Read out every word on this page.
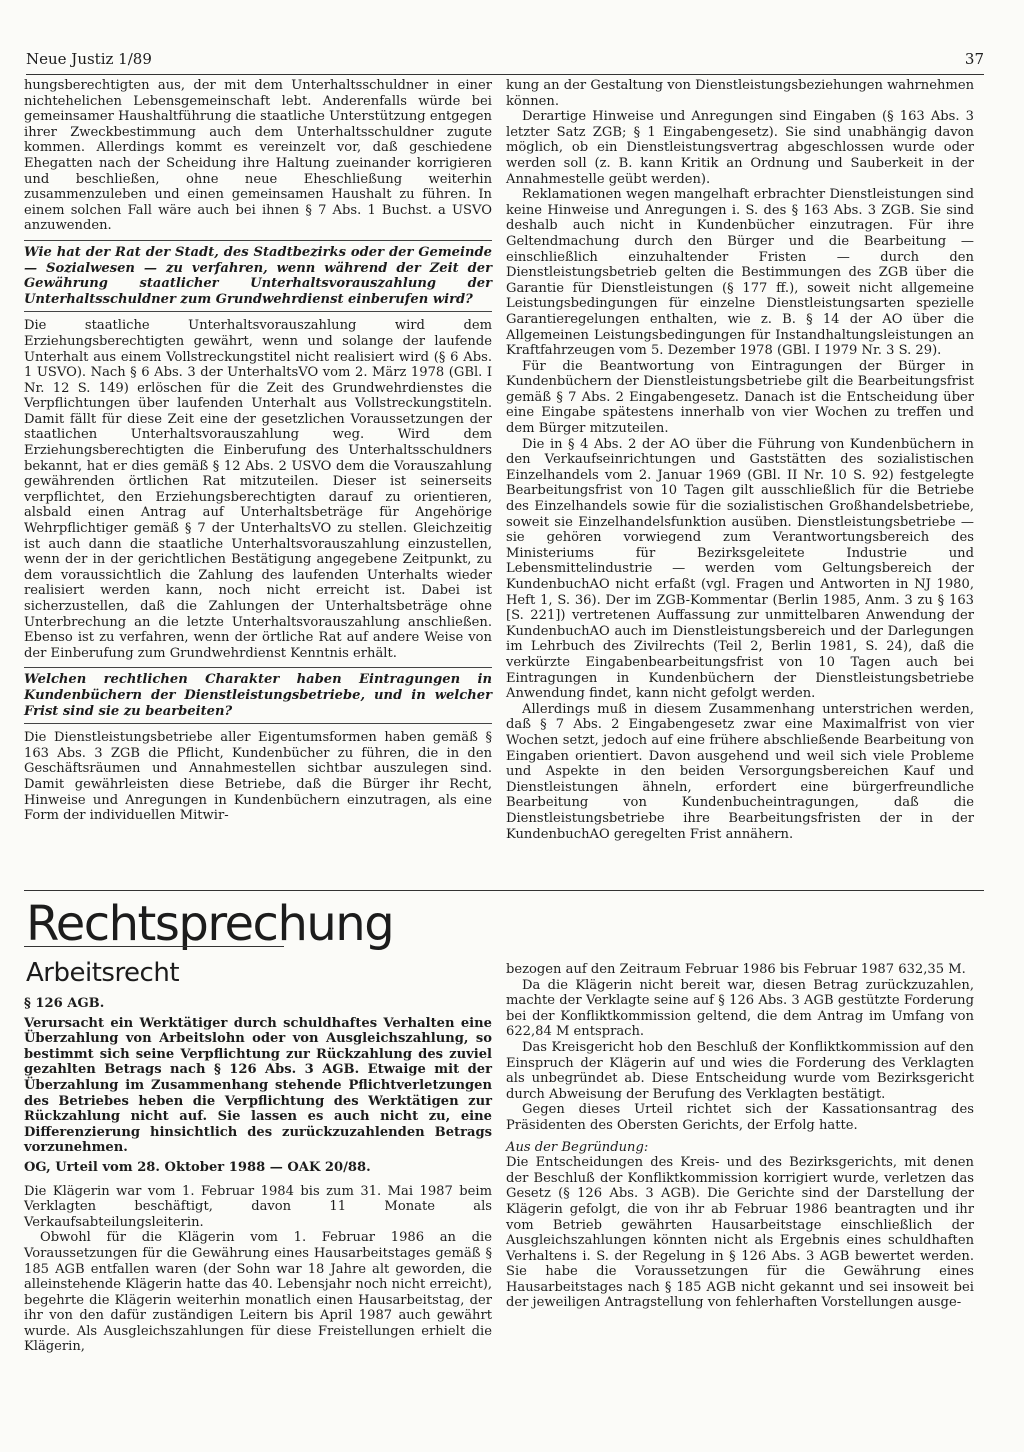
Neue Justiz 1/89	37

hungsberechtigten aus, der mit dem Unterhaltsschuldner in einer nichtehelichen Lebensgemeinschaft lebt. Anderenfalls würde bei gemeinsamer Haushaltführung die staatliche Unterstützung entgegen ihrer Zweckbestimmung auch dem Unterhaltsschuldner zugute kommen. Allerdings kommt es vereinzelt vor, daß geschiedene Ehegatten nach der Scheidung ihre Haltung zueinander korrigieren und beschließen, ohne neue Eheschließung weiterhin zusammenzuleben und einen gemeinsamen Haushalt zu führen. In einem solchen Fall wäre auch bei ihnen § 7 Abs. 1 Buchst. a USVO anzuwenden.

Wie hat der Rat der Stadt, des Stadtbezirks oder der Gemeinde — Sozialwesen — zu verfahren, wenn während der Zeit der Gewährung staatlicher Unterhaltsvorauszahlung der Unterhaltsschuldner zum Grundwehrdienst einberufen wird?

Die staatliche Unterhaltsvorauszahlung wird dem Erziehungsberechtigten gewährt, wenn und solange der laufende Unterhalt aus einem Vollstreckungstitel nicht realisiert wird (§ 6 Abs. 1 USVO). Nach § 6 Abs. 3 der UnterhaltsVO vom 2. März 1978 (GBl. I Nr. 12 S. 149) erlöschen für die Zeit des Grundwehrdienstes die Verpflichtungen über laufenden Unterhalt aus Vollstreckungstiteln. Damit fällt für diese Zeit eine der gesetzlichen Voraussetzungen der staatlichen Unterhaltsvorauszahlung weg. Wird dem Erziehungsberechtigten die Einberufung des Unterhaltsschuldners bekannt, hat er dies gemäß § 12 Abs. 2 USVO dem die Vorauszahlung gewährenden örtlichen Rat mitzuteilen. Dieser ist seinerseits verpflichtet, den Erziehungsberechtigten darauf zu orientieren, alsbald einen Antrag auf Unterhaltsbeträge für Angehörige Wehrpflichtiger gemäß § 7 der UnterhaltsVO zu stellen. Gleichzeitig ist auch dann die staatliche Unterhaltsvorauszahlung einzustellen, wenn der in der gerichtlichen Bestätigung angegebene Zeitpunkt, zu dem voraussichtlich die Zahlung des laufenden Unterhalts wieder realisiert werden kann, noch nicht erreicht ist. Dabei ist sicherzustellen, daß die Zahlungen der Unterhaltsbeträge ohne Unterbrechung an die letzte Unterhaltsvorauszahlung anschließen. Ebenso ist zu verfahren, wenn der örtliche Rat auf andere Weise von der Einberufung zum Grundwehrdienst Kenntnis erhält.

Welchen rechtlichen Charakter haben Eintragungen in Kundenbüchern der Dienstleistungsbetriebe, und in welcher Frist sind sie zu bearbeiten?

Die Dienstleistungsbetriebe aller Eigentumsformen haben gemäß § 163 Abs. 3 ZGB die Pflicht, Kundenbücher zu führen, die in den Geschäftsräumen und Annahmestellen sichtbar auszulegen sind. Damit gewährleisten diese Betriebe, daß die Bürger ihr Recht, Hinweise und Anregungen in Kundenbüchern einzutragen, als eine Form der individuellen Mitwir-

kung an der Gestaltung von Dienstleistungsbeziehungen wahrnehmen können.

Derartige Hinweise und Anregungen sind Eingaben (§ 163 Abs. 3 letzter Satz ZGB; § 1 Eingabengesetz). Sie sind unabhängig davon möglich, ob ein Dienstleistungsvertrag abgeschlossen wurde oder werden soll (z. B. kann Kritik an Ordnung und Sauberkeit in der Annahmestelle geübt werden).

Reklamationen wegen mangelhaft erbrachter Dienstleistungen sind keine Hinweise und Anregungen i. S. des § 163 Abs. 3 ZGB. Sie sind deshalb auch nicht in Kundenbücher einzutragen. Für ihre Geltendmachung durch den Bürger und die Bearbeitung — einschließlich einzuhaltender Fristen — durch den Dienstleistungsbetrieb gelten die Bestimmungen des ZGB über die Garantie für Dienstleistungen (§ 177 ff.), soweit nicht allgemeine Leistungsbedingungen für einzelne Dienstleistungsarten spezielle Garantieregelungen enthalten, wie z. B. § 14 der AO über die Allgemeinen Leistungsbedingungen für Instandhaltungsleistungen an Kraftfahrzeugen vom 5. Dezember 1978 (GBl. I 1979 Nr. 3 S. 29).

Für die Beantwortung von Eintragungen der Bürger in Kundenbüchern der Dienstleistungsbetriebe gilt die Bearbeitungsfrist gemäß § 7 Abs. 2 Eingabengesetz. Danach ist die Entscheidung über eine Eingabe spätestens innerhalb von vier Wochen zu treffen und dem Bürger mitzuteilen.

Die in § 4 Abs. 2 der AO über die Führung von Kundenbüchern in den Verkaufseinrichtungen und Gaststätten des sozialistischen Einzelhandels vom 2. Januar 1969 (GBl. II Nr. 10 S. 92) festgelegte Bearbeitungsfrist von 10 Tagen gilt ausschließlich für die Betriebe des Einzelhandels sowie für die sozialistischen Großhandelsbetriebe, soweit sie Einzelhandelsfunktion ausüben. Dienstleistungsbetriebe — sie gehören vorwiegend zum Verantwortungsbereich des Ministeriums für Bezirksgeleitete Industrie und Lebensmittelindustrie — werden vom Geltungsbereich der KundenbuchAO nicht erfaßt (vgl. Fragen und Antworten in NJ 1980, Heft 1, S. 36). Der im ZGB-Kommentar (Berlin 1985, Anm. 3 zu § 163 [S. 221]) vertretenen Auffassung zur unmittelbaren Anwendung der KundenbuchAO auch im Dienstleistungsbereich und der Darlegungen im Lehrbuch des Zivilrechts (Teil 2, Berlin 1981, S. 24), daß die verkürzte Eingabenbearbeitungsfrist von 10 Tagen auch bei Eintragungen in Kundenbüchern der Dienstleistungsbetriebe Anwendung findet, kann nicht gefolgt werden.

Allerdings muß in diesem Zusammenhang unterstrichen werden, daß § 7 Abs. 2 Eingabengesetz zwar eine Maximalfrist von vier Wochen setzt, jedoch auf eine frühere abschließende Bearbeitung von Eingaben orientiert. Davon ausgehend und weil sich viele Probleme und Aspekte in den beiden Versorgungsbereichen Kauf und Dienstleistungen ähneln, erfordert eine bürgerfreundliche Bearbeitung von Kundenbucheintragungen, daß die Dienstleistungsbetriebe ihre Bearbeitungsfristen der in der KundenbuchAO geregelten Frist annähern.

Rechtsprechung
Arbeitsrecht
§ 126 AGB.
Verursacht ein Werktätiger durch schuldhaftes Verhalten eine Überzahlung von Arbeitslohn oder von Ausgleichszahlung, so bestimmt sich seine Verpflichtung zur Rückzahlung des zuviel gezahlten Betrags nach § 126 Abs. 3 AGB. Etwaige mit der Überzahlung im Zusammenhang stehende Pflichtverletzungen des Betriebes heben die Verpflichtung des Werktätigen zur Rückzahlung nicht auf. Sie lassen es auch nicht zu, eine Differenzierung hinsichtlich des zurückzuzahlenden Betrags vorzunehmen.
OG, Urteil vom 28. Oktober 1988 — OAK 20/88.

Die Klägerin war vom 1. Februar 1984 bis zum 31. Mai 1987 beim Verklagten beschäftigt, davon 11 Monate als Verkaufsabteilungsleiterin.

Obwohl für die Klägerin vom 1. Februar 1986 an die Voraussetzungen für die Gewährung eines Hausarbeitstages gemäß § 185 AGB entfallen waren (der Sohn war 18 Jahre alt geworden, die alleinstehende Klägerin hatte das 40. Lebensjahr noch nicht erreicht), begehrte die Klägerin weiterhin monatlich einen Hausarbeitstag, der ihr von den dafür zuständigen Leitern bis April 1987 auch gewährt wurde. Als Ausgleichszahlungen für diese Freistellungen erhielt die Klägerin,

bezogen auf den Zeitraum Februar 1986 bis Februar 1987 632,35 M.

Da die Klägerin nicht bereit war, diesen Betrag zurückzuzahlen, machte der Verklagte seine auf § 126 Abs. 3 AGB gestützte Forderung bei der Konfliktkommission geltend, die dem Antrag im Umfang von 622,84 M entsprach.

Das Kreisgericht hob den Beschluß der Konfliktkommission auf den Einspruch der Klägerin auf und wies die Forderung des Verklagten als unbegründet ab. Diese Entscheidung wurde vom Bezirksgericht durch Abweisung der Berufung des Verklagten bestätigt.

Gegen dieses Urteil richtet sich der Kassationsantrag des Präsidenten des Obersten Gerichts, der Erfolg hatte.

Aus der Begründung:

Die Entscheidungen des Kreis- und des Bezirksgerichts, mit denen der Beschluß der Konfliktkommission korrigiert wurde, verletzen das Gesetz (§ 126 Abs. 3 AGB). Die Gerichte sind der Darstellung der Klägerin gefolgt, die von ihr ab Februar 1986 beantragten und ihr vom Betrieb gewährten Hausarbeitstage einschließlich der Ausgleichszahlungen könnten nicht als Ergebnis eines schuldhaften Verhaltens i. S. der Regelung in § 126 Abs. 3 AGB bewertet werden. Sie habe die Voraussetzungen für die Gewährung eines Hausarbeitstages nach § 185 AGB nicht gekannt und sei insoweit bei der jeweiligen Antragstellung von fehlerhaften Vorstellungen ausge-
